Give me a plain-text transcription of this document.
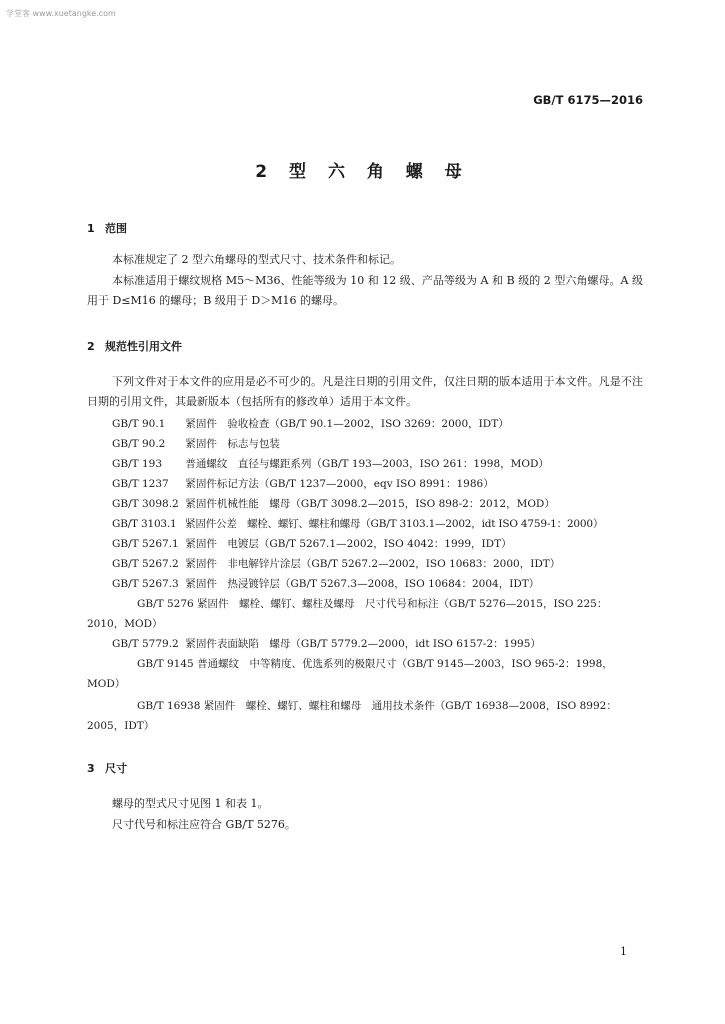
学堂客 www.xuetangke.com
GB/T 6175—2016
2 型 六 角 螺 母
1 范围
本标准规定了 2 型六角螺母的型式尺寸、技术条件和标记。
本标准适用于螺纹规格 M5～M36、性能等级为 10 和 12 级、产品等级为 A 和 B 级的 2 型六角螺母。A 级用于 D≤M16 的螺母；B 级用于 D＞M16 的螺母。
2 规范性引用文件
下列文件对于本文件的应用是必不可少的。凡是注日期的引用文件，仅注日期的版本适用于本文件。凡是不注日期的引用文件，其最新版本（包括所有的修改单）适用于本文件。
GB/T 90.1 紧固件　验收检查（GB/T 90.1—2002，ISO 3269：2000，IDT）
GB/T 90.2 紧固件　标志与包装
GB/T 193 普通螺纹　直径与螺距系列（GB/T 193—2003，ISO 261：1998，MOD）
GB/T 1237 紧固件标记方法（GB/T 1237—2000，eqv ISO 8991：1986）
GB/T 3098.2 紧固件机械性能　螺母（GB/T 3098.2—2015，ISO 898-2：2012，MOD）
GB/T 3103.1 紧固件公差　螺栓、螺钉、螺柱和螺母（GB/T 3103.1—2002，idt ISO 4759-1：2000）
GB/T 5267.1 紧固件　电镀层（GB/T 5267.1—2002，ISO 4042：1999，IDT）
GB/T 5267.2 紧固件　非电解锌片涂层（GB/T 5267.2—2002，ISO 10683：2000，IDT）
GB/T 5267.3 紧固件　热浸镀锌层（GB/T 5267.3—2008，ISO 10684：2004，IDT）
GB/T 5276 紧固件　螺栓、螺钉、螺柱及螺母　尺寸代号和标注（GB/T 5276—2015，ISO 225：2010，MOD）
GB/T 5779.2 紧固件表面缺陷　螺母（GB/T 5779.2—2000，idt ISO 6157-2：1995）
GB/T 9145 普通螺纹　中等精度、优选系列的极限尺寸（GB/T 9145—2003，ISO 965-2：1998，MOD）
GB/T 16938 紧固件　螺栓、螺钉、螺柱和螺母　通用技术条件（GB/T 16938—2008，ISO 8992：2005，IDT）
3 尺寸
螺母的型式尺寸见图 1 和表 1。
尺寸代号和标注应符合 GB/T 5276。
1
